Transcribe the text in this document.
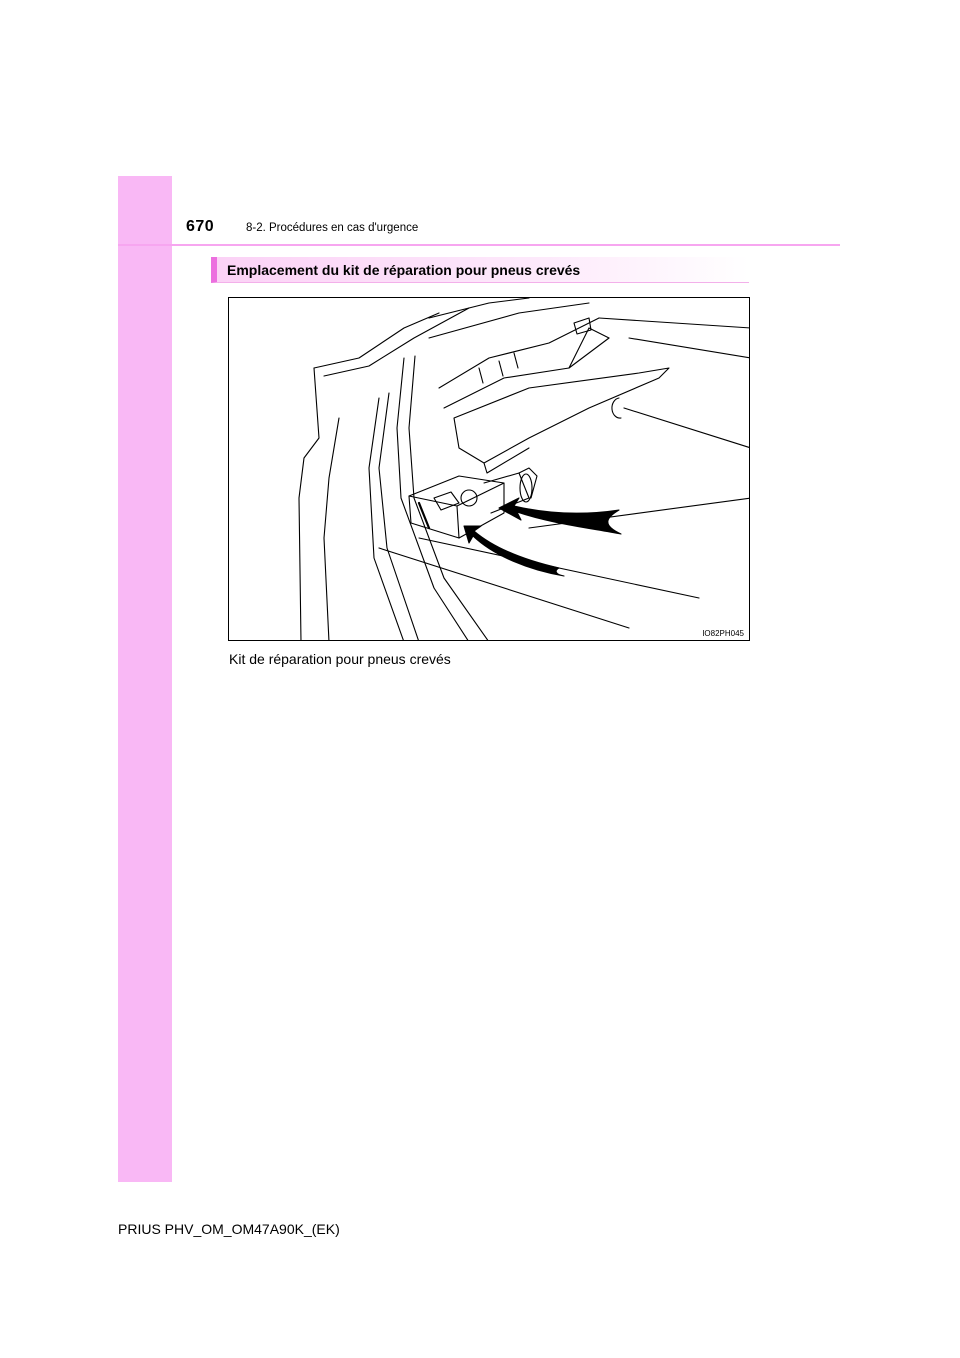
670	8-2. Procédures en cas d'urgence
Emplacement du kit de réparation pour pneus crevés
IO82PH045
Kit de réparation pour pneus crevés
PRIUS PHV_OM_OM47A90K_(EK)
